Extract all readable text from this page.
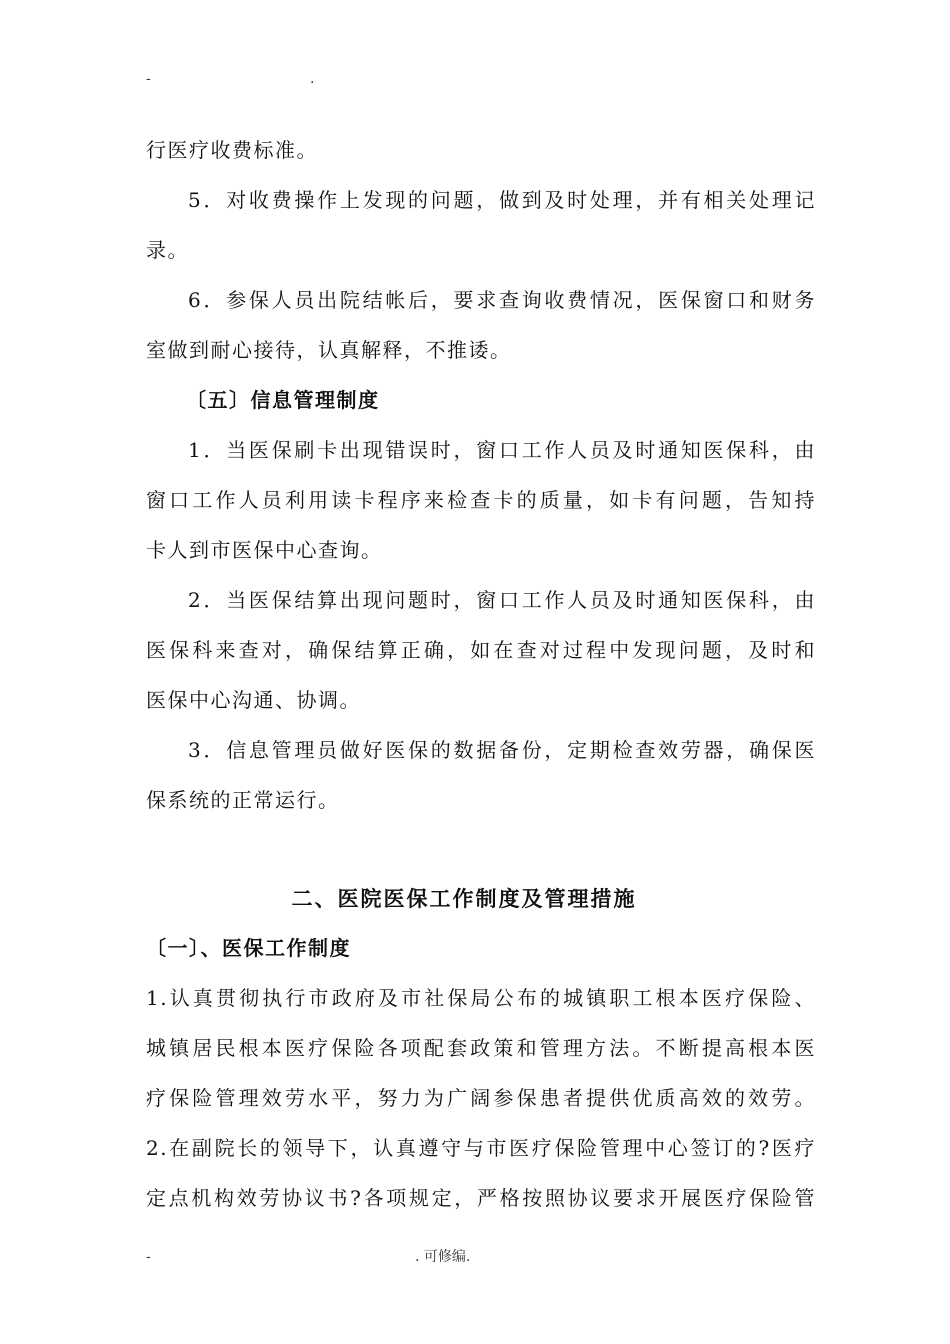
-	.
行医疗收费标准。
5．对收费操作上发现的问题，做到及时处理，并有相关处理记
录。
6．参保人员出院结帐后，要求查询收费情况，医保窗口和财务
室做到耐心接待，认真解释，不推诿。
〔五〕信息管理制度
1．当医保刷卡出现错误时，窗口工作人员及时通知医保科，由
窗口工作人员利用读卡程序来检查卡的质量，如卡有问题，告知持
卡人到市医保中心查询。
2．当医保结算出现问题时，窗口工作人员及时通知医保科，由
医保科来查对，确保结算正确，如在查对过程中发现问题，及时和
医保中心沟通、协调。
3．信息管理员做好医保的数据备份，定期检查效劳器，确保医
保系统的正常运行。
二、医院医保工作制度及管理措施
〔一〕、医保工作制度
1.认真贯彻执行市政府及市社保局公布的城镇职工根本医疗保险、
城镇居民根本医疗保险各项配套政策和管理方法。不断提高根本医
疗保险管理效劳水平，努力为广阔参保患者提供优质高效的效劳。
2.在副院长的领导下，认真遵守与市医疗保险管理中心签订的?医疗
定点机构效劳协议书?各项规定，严格按照协议要求开展医疗保险管
-	. 可修编.
